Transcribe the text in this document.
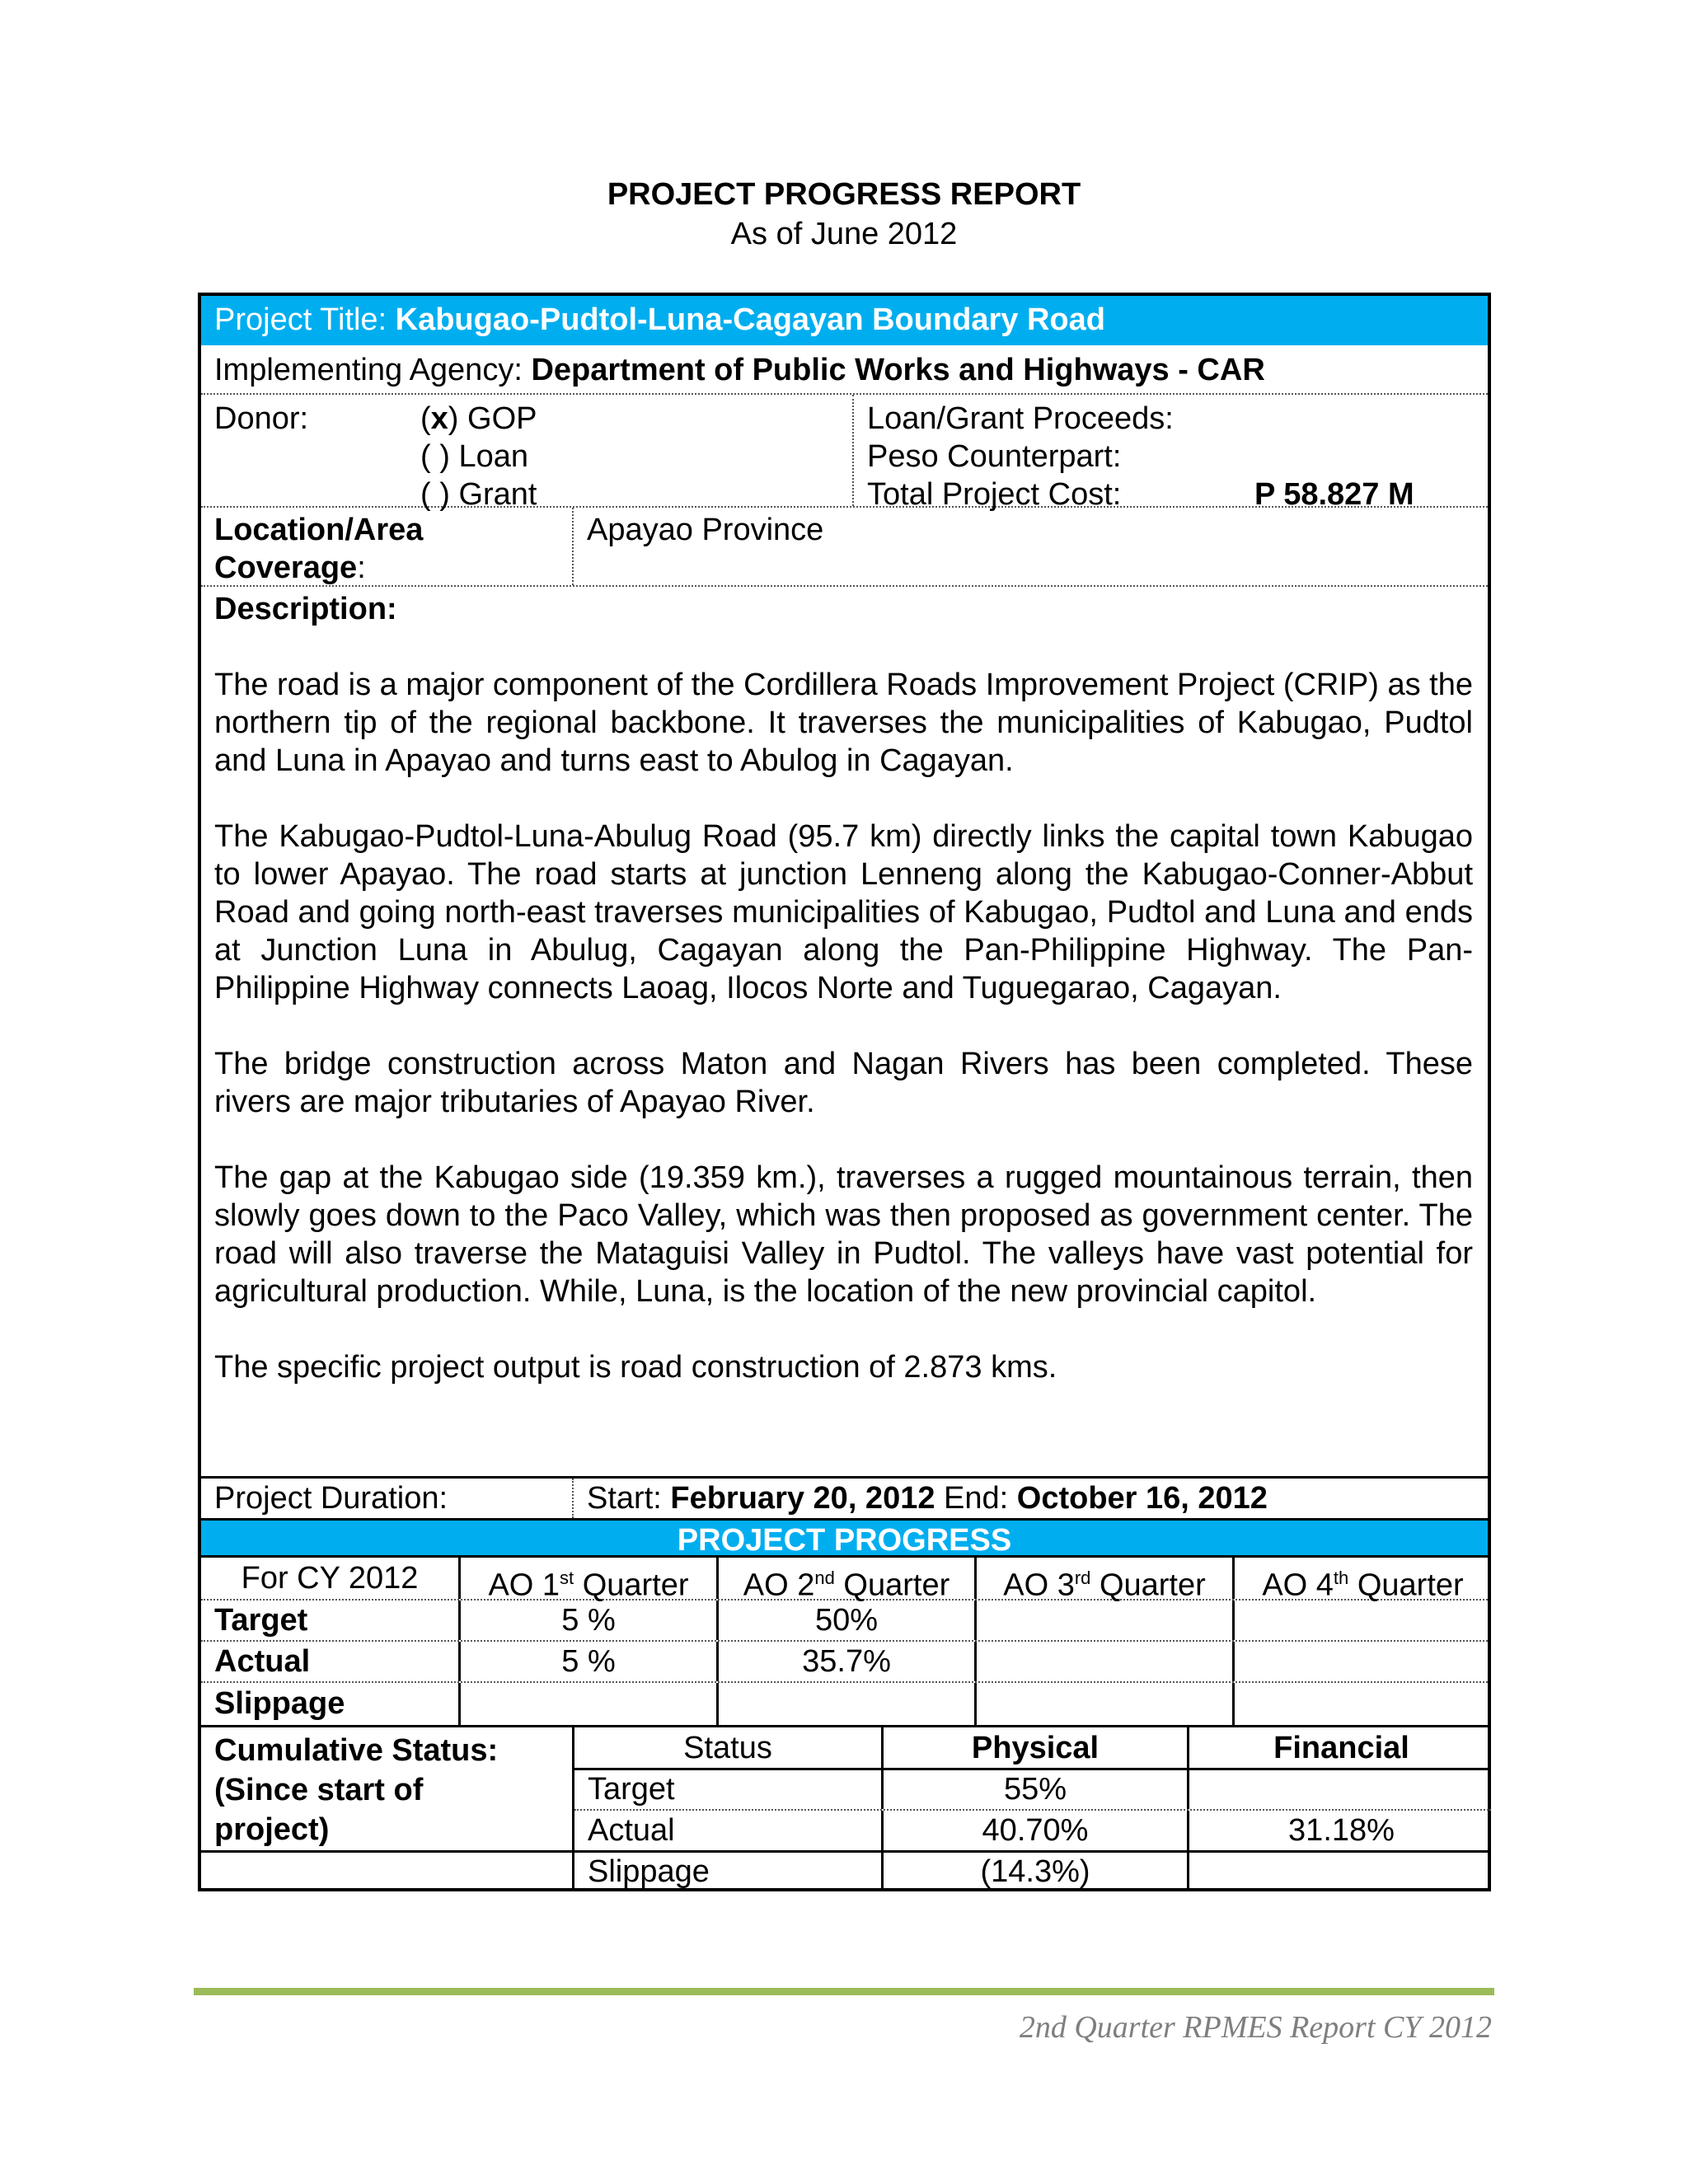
PROJECT PROGRESS REPORT
As of June 2012
Project Title: Kabugao-Pudtol-Luna-Cagayan Boundary Road
Implementing Agency: Department of Public Works and Highways - CAR
Donor:	(x) GOP
( ) Loan
( ) Grant
Loan/Grant Proceeds:
Peso Counterpart:
Total Project Cost:	P 58.827 M
Location/Area
Coverage:
Apayao Province
Description:

The road is a major component of the Cordillera Roads Improvement Project (CRIP) as the northern tip of the regional backbone. It traverses the municipalities of Kabugao, Pudtol and Luna in Apayao and turns east to Abulog in Cagayan.

The Kabugao-Pudtol-Luna-Abulug Road (95.7 km) directly links the capital town Kabugao to lower Apayao. The road starts at junction Lenneng along the Kabugao-Conner-Abbut Road and going north-east traverses municipalities of Kabugao, Pudtol and Luna and ends at Junction Luna in Abulug, Cagayan along the Pan-Philippine Highway. The Pan-Philippine Highway connects Laoag, Ilocos Norte and Tuguegarao, Cagayan.

The bridge construction across Maton and Nagan Rivers has been completed. These rivers are major tributaries of Apayao River.

The gap at the Kabugao side (19.359 km.), traverses a rugged mountainous terrain, then slowly goes down to the Paco Valley, which was then proposed as government center. The road will also traverse the Mataguisi Valley in Pudtol. The valleys have vast potential for agricultural production. While, Luna, is the location of the new provincial capitol.

The specific project output is road construction of 2.873 kms.

Project Duration:	Start: February 20, 2012 End: October 16, 2012
PROJECT PROGRESS
For CY 2012	AO 1st Quarter	AO 2nd Quarter	AO 3rd Quarter	AO 4th Quarter
Target	5 %	50%
Actual	5 %	35.7%
Slippage
Cumulative Status:
(Since start of
project)
Status	Physical	Financial
Target	55%
Actual	40.70%	31.18%
Slippage	(14.3%)
2nd Quarter RPMES Report CY 2012
